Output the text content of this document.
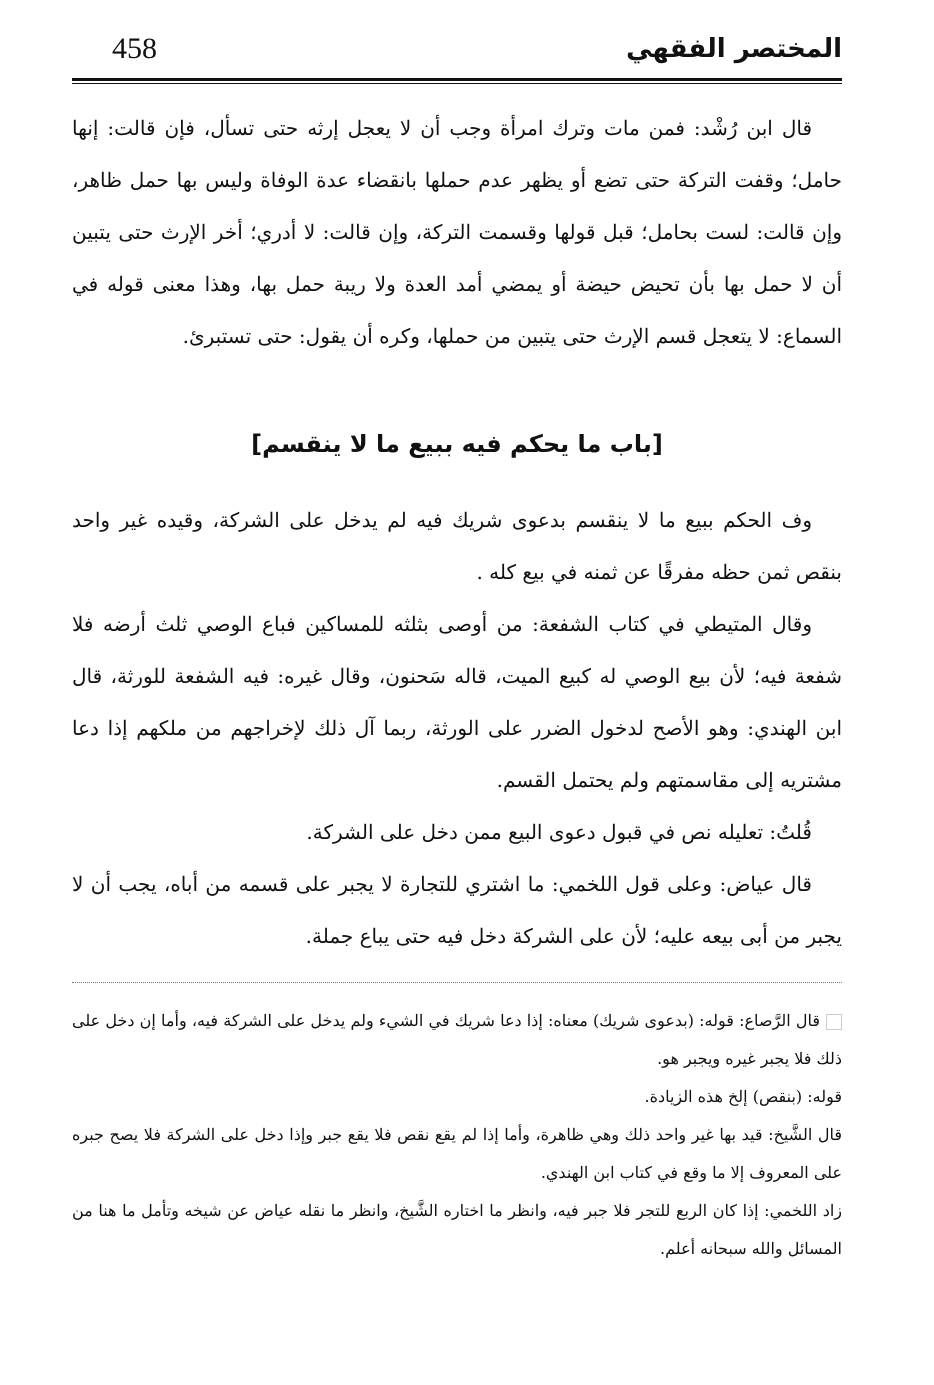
458	المختصر الفقهي

قال ابن رُشْد: فمن مات وترك امرأة وجب أن لا يعجل إرثه حتى تسأل، فإن قالت: إنها حامل؛ وقفت التركة حتى تضع أو يظهر عدم حملها بانقضاء عدة الوفاة وليس بها حمل ظاهر، وإن قالت: لست بحامل؛ قبل قولها وقسمت التركة، وإن قالت: لا أدري؛ أخر الإرث حتى يتبين أن لا حمل بها بأن تحيض حيضة أو يمضي أمد العدة ولا ريبة حمل بها، وهذا معنى قوله في السماع: لا يتعجل قسم الإرث حتى يتبين من حملها، وكره أن يقول: حتى تستبرئ.

[باب ما يحكم فيه ببيع ما لا ينقسم]

وف الحكم ببيع ما لا ينقسم بدعوى شريك فيه لم يدخل على الشركة، وقيده غير واحد بنقص ثمن حظه مفرقًا عن ثمنه في بيع كله .

وقال المتيطي في كتاب الشفعة: من أوصى بثلثه للمساكين فباع الوصي ثلث أرضه فلا شفعة فيه؛ لأن بيع الوصي له كبيع الميت، قاله سَحنون، وقال غيره: فيه الشفعة للورثة، قال ابن الهندي: وهو الأصح لدخول الضرر على الورثة، ربما آل ذلك لإخراجهم من ملكهم إذا دعا مشتريه إلى مقاسمتهم ولم يحتمل القسم.

قُلتُ: تعليله نص في قبول دعوى البيع ممن دخل على الشركة.

قال عياض: وعلى قول اللخمي: ما اشتري للتجارة لا يجبر على قسمه من أباه، يجب أن لا يجبر من أبى بيعه عليه؛ لأن على الشركة دخل فيه حتى يباع جملة.

قال الرَّصاع: قوله: (بدعوى شريك) معناه: إذا دعا شريك في الشيء ولم يدخل على الشركة فيه، وأما إن دخل على ذلك فلا يجبر غيره ويجبر هو.

قوله: (بنقص) إلخ هذه الزيادة.

قال الشَّيخ: قيد بها غير واحد ذلك وهي ظاهرة، وأما إذا لم يقع نقص فلا يقع جبر وإذا دخل على الشركة فلا يصح جبره على المعروف إلا ما وقع في كتاب ابن الهندي.

زاد اللخمي: إذا كان الربع للتجر فلا جبر فيه، وانظر ما اختاره الشَّيخ، وانظر ما نقله عياض عن شيخه وتأمل ما هنا من المسائل والله سبحانه أعلم.
